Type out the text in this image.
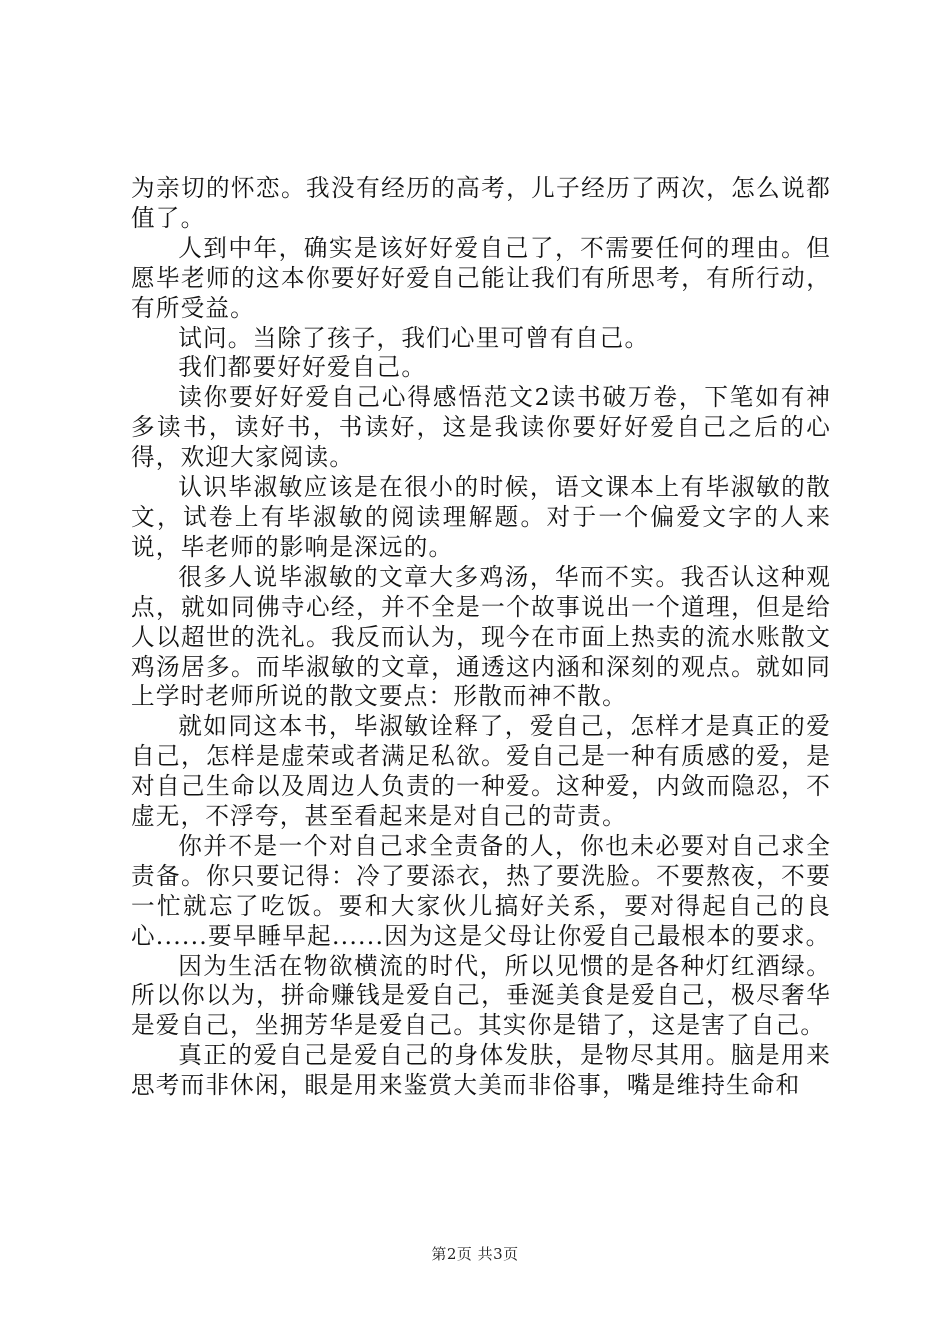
为亲切的怀恋。我没有经历的高考，儿子经历了两次，怎么说都值了。

人到中年，确实是该好好爱自己了，不需要任何的理由。但愿毕老师的这本你要好好爱自己能让我们有所思考，有所行动，有所受益。

试问。当除了孩子，我们心里可曾有自己。

我们都要好好爱自己。

读你要好好爱自己心得感悟范文2读书破万卷，下笔如有神多读书，读好书，书读好，这是我读你要好好爱自己之后的心得，欢迎大家阅读。

认识毕淑敏应该是在很小的时候，语文课本上有毕淑敏的散文，试卷上有毕淑敏的阅读理解题。对于一个偏爱文字的人来说，毕老师的影响是深远的。

很多人说毕淑敏的文章大多鸡汤，华而不实。我否认这种观点，就如同佛寺心经，并不全是一个故事说出一个道理，但是给人以超世的洗礼。我反而认为，现今在市面上热卖的流水账散文鸡汤居多。而毕淑敏的文章，通透这内涵和深刻的观点。就如同上学时老师所说的散文要点：形散而神不散。

就如同这本书，毕淑敏诠释了，爱自己，怎样才是真正的爱自己，怎样是虚荣或者满足私欲。爱自己是一种有质感的爱，是对自己生命以及周边人负责的一种爱。这种爱，内敛而隐忍，不虚无，不浮夸，甚至看起来是对自己的苛责。

你并不是一个对自己求全责备的人，你也未必要对自己求全责备。你只要记得：冷了要添衣，热了要洗脸。不要熬夜，不要一忙就忘了吃饭。要和大家伙儿搞好关系，要对得起自己的良心......要早睡早起......因为这是父母让你爱自己最根本的要求。

因为生活在物欲横流的时代，所以见惯的是各种灯红酒绿。所以你以为，拼命赚钱是爱自己，垂涎美食是爱自己，极尽奢华是爱自己，坐拥芳华是爱自己。其实你是错了，这是害了自己。

真正的爱自己是爱自己的身体发肤，是物尽其用。脑是用来思考而非休闲，眼是用来鉴赏大美而非俗事，嘴是维持生命和

第2页 共3页
